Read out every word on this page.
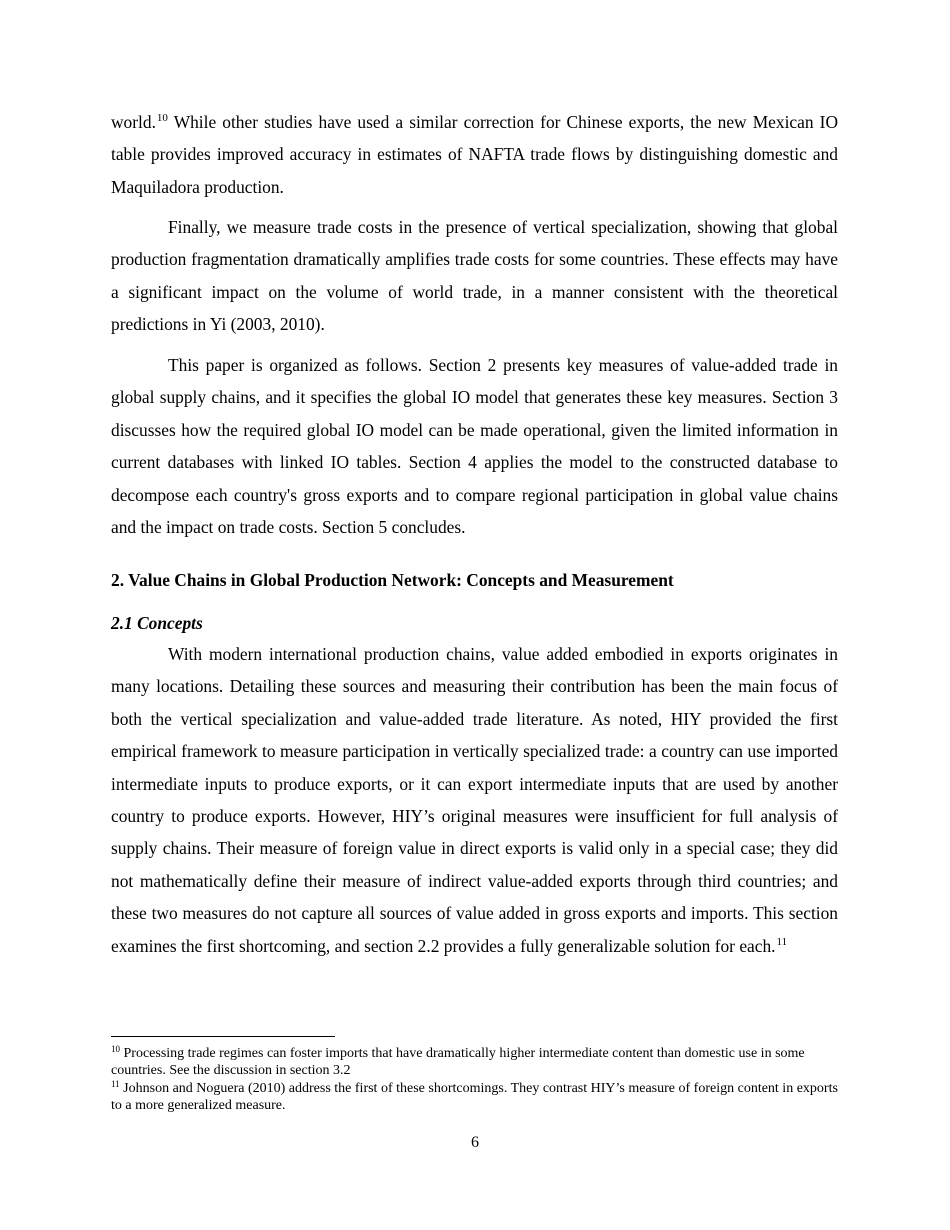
world.$^{10}$ While other studies have used a similar correction for Chinese exports, the new Mexican IO table provides improved accuracy in estimates of NAFTA trade flows by distinguishing domestic and Maquiladora production.

Finally, we measure trade costs in the presence of vertical specialization, showing that global production fragmentation dramatically amplifies trade costs for some countries. These effects may have a significant impact on the volume of world trade, in a manner consistent with the theoretical predictions in Yi (2003, 2010).

This paper is organized as follows. Section 2 presents key measures of value-added trade in global supply chains, and it specifies the global IO model that generates these key measures. Section 3 discusses how the required global IO model can be made operational, given the limited information in current databases with linked IO tables. Section 4 applies the model to the constructed database to decompose each country's gross exports and to compare regional participation in global value chains and the impact on trade costs. Section 5 concludes.

2. Value Chains in Global Production Network: Concepts and Measurement
2.1 Concepts

With modern international production chains, value added embodied in exports originates in many locations. Detailing these sources and measuring their contribution has been the main focus of both the vertical specialization and value-added trade literature. As noted, HIY provided the first empirical framework to measure participation in vertically specialized trade: a country can use imported intermediate inputs to produce exports, or it can export intermediate inputs that are used by another country to produce exports. However, HIY’s original measures were insufficient for full analysis of supply chains. Their measure of foreign value in direct exports is valid only in a special case; they did not mathematically define their measure of indirect value-added exports through third countries; and these two measures do not capture all sources of value added in gross exports and imports. This section examines the first shortcoming, and section 2.2 provides a fully generalizable solution for each.$^{11}$

$^{10}$ Processing trade regimes can foster imports that have dramatically higher intermediate content than domestic use in some countries. See the discussion in section 3.2

$^{11}$ Johnson and Noguera (2010) address the first of these shortcomings. They contrast HIY’s measure of foreign content in exports to a more generalized measure.

6
